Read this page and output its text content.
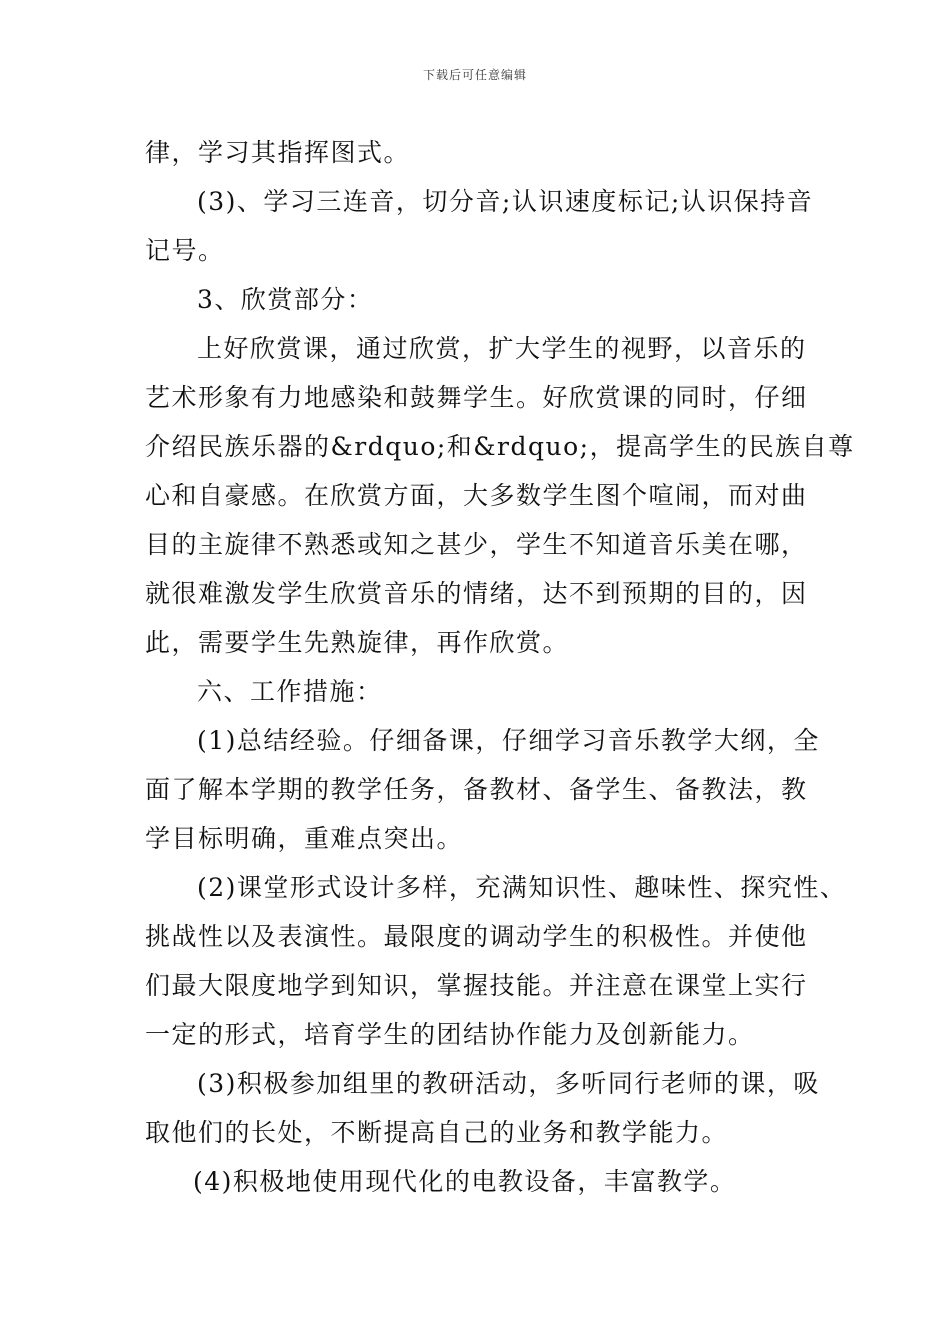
下载后可任意编辑
律，学习其指挥图式。
(3)、学习三连音，切分音;认识速度标记;认识保持音
记号。
3、欣赏部分：
上好欣赏课，通过欣赏，扩大学生的视野，以音乐的
艺术形象有力地感染和鼓舞学生。好欣赏课的同时，仔细
介绍民族乐器的&rdquo;和&rdquo;，提高学生的民族自尊
心和自豪感。在欣赏方面，大多数学生图个喧闹，而对曲
目的主旋律不熟悉或知之甚少，学生不知道音乐美在哪，
就很难激发学生欣赏音乐的情绪，达不到预期的目的，因
此，需要学生先熟旋律，再作欣赏。
六、工作措施：
(1)总结经验。仔细备课，仔细学习音乐教学大纲，全
面了解本学期的教学任务，备教材、备学生、备教法，教
学目标明确，重难点突出。
(2)课堂形式设计多样，充满知识性、趣味性、探究性、
挑战性以及表演性。最限度的调动学生的积极性。并使他
们最大限度地学到知识，掌握技能。并注意在课堂上实行
一定的形式，培育学生的团结协作能力及创新能力。
(3)积极参加组里的教研活动，多听同行老师的课，吸
取他们的长处，不断提高自己的业务和教学能力。
(4)积极地使用现代化的电教设备，丰富教学。
